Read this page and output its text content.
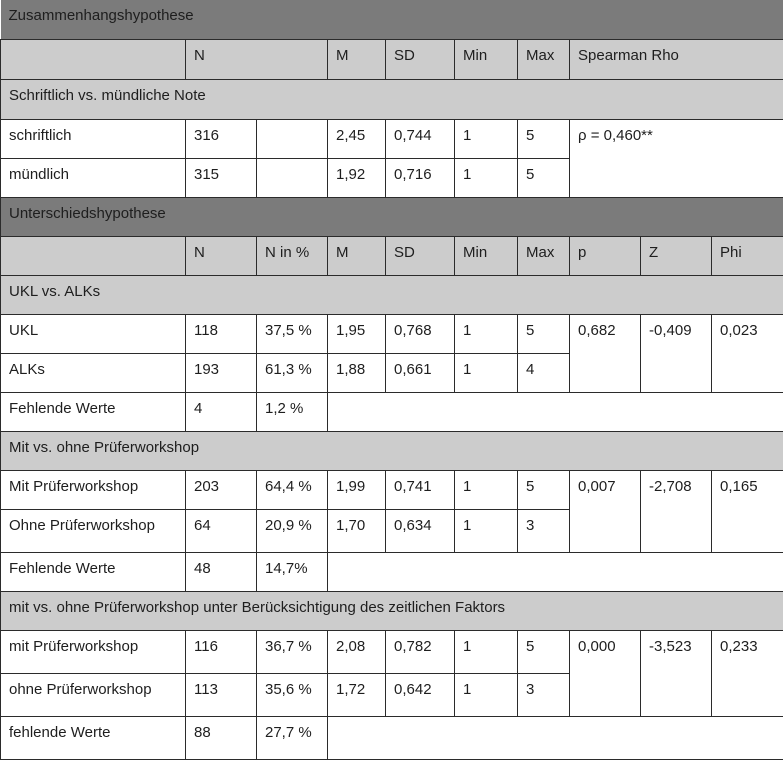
Zusammenhangshypothese									
	N		M	SD	Min	Max	Spearman Rho		
Schriftlich vs. mündliche Note									
schriftlich	316		2,45	0,744	1	5	ρ = 0,460**		
mündlich	315		1,92	0,716	1	5			
Unterschiedshypothese									
	N	N in %	M	SD	Min	Max	p	Z	Phi
UKL vs. ALKs									
UKL	118	37,5 %	1,95	0,768	1	5	0,682	-0,409	0,023
ALKs	193	61,3 %	1,88	0,661	1	4			
Fehlende Werte	4	1,2 %							
Mit vs. ohne Prüferworkshop									
Mit Prüferworkshop	203	64,4 %	1,99	0,741	1	5	0,007	-2,708	0,165
Ohne Prüferworkshop	64	20,9 %	1,70	0,634	1	3			
Fehlende Werte	48	14,7%							
mit vs. ohne Prüferworkshop unter Berücksichtigung des zeitlichen Faktors									
mit Prüferworkshop	116	36,7 %	2,08	0,782	1	5	0,000	-3,523	0,233
ohne Prüferworkshop	113	35,6 %	1,72	0,642	1	3			
fehlende Werte	88	27,7 %							
